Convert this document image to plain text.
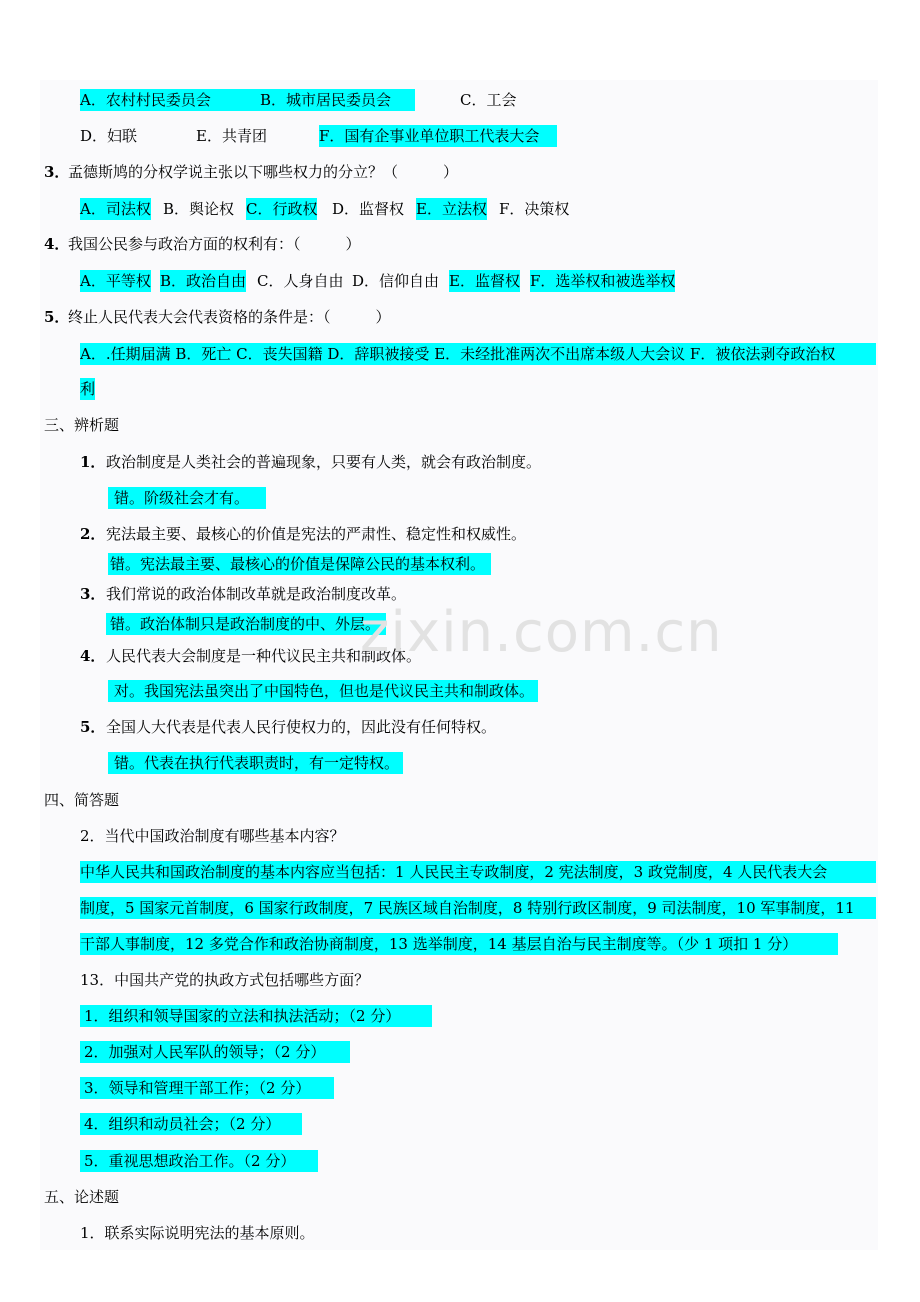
A．农村村民委员会	B．城市居民委员会	C．工会
D．妇联	E．共青团	F．国有企事业单位职工代表大会
3．
孟德斯鸠的分权学说主张以下哪些权力的分立？（　　　）
A．司法权 B．舆论权 C．行政权 D．监督权 E．立法权 F．决策权
4．
我国公民参与政治方面的权利有：（　　　）
A．平等权 B．政治自由 C．人身自由 D．信仰自由 E．监督权 F．选举权和被选举权
5．
终止人民代表大会代表资格的条件是：（　　　）
A．.任期届满 B．死亡 C．丧失国籍 D．辞职被接受 E．未经批准两次不出席本级人大会议 F．被依法剥夺政治权
利
三、辨析题
1． 政治制度是人类社会的普遍现象，只要有人类，就会有政治制度。
错。阶级社会才有。
2． 宪法最主要、最核心的价值是宪法的严肃性、稳定性和权威性。
错。宪法最主要、最核心的价值是保障公民的基本权利。
3． 我们常说的政治体制改革就是政治制度改革。
错。政治体制只是政治制度的中、外层。
4． 人民代表大会制度是一种代议民主共和制政体。
对。我国宪法虽突出了中国特色，但也是代议民主共和制政体。
5． 全国人大代表是代表人民行使权力的，因此没有任何特权。
错。代表在执行代表职责时，有一定特权。
四、简答题
2．当代中国政治制度有哪些基本内容？
中华人民共和国政治制度的基本内容应当包括：1 人民民主专政制度，2 宪法制度，3 政党制度，4 人民代表大会
制度，5 国家元首制度，6 国家行政制度，7 民族区域自治制度，8 特别行政区制度，9 司法制度，10 军事制度，11
干部人事制度，12 多党合作和政治协商制度，13 选举制度，14 基层自治与民主制度等。（少 1 项扣 1 分）
13．中国共产党的执政方式包括哪些方面？
1．组织和领导国家的立法和执法活动；（2 分）
2．加强对人民军队的领导；（2 分）
3．领导和管理干部工作；（2 分）
4．组织和动员社会；（2 分）
5．重视思想政治工作。（2 分）
五、论述题
1．联系实际说明宪法的基本原则。
zixin.com.cn
